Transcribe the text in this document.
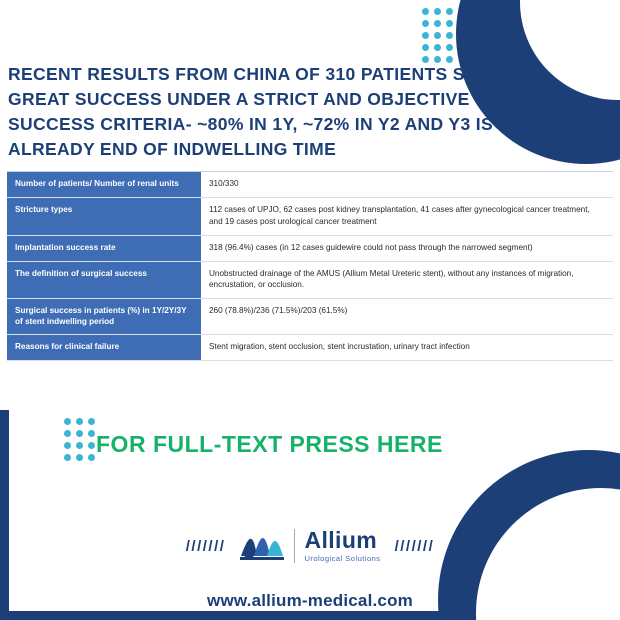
RECENT RESULTS FROM CHINA OF 310 PATIENTS SHOWING GREAT SUCCESS UNDER A STRICT AND OBJECTIVE SUCCESS CRITERIA- ~80% IN 1Y, ~72% IN Y2 AND Y3 IS ALREADY END OF INDWELLING TIME
Number of patients/ Number of renal units	310/330
Stricture types	112 cases of UPJO, 62 cases post kidney transplantation, 41 cases after gynecological cancer treatment, and 19 cases post urological cancer treatment
Implantation success rate	318 (96.4%) cases (in 12 cases guidewire could not pass through the narrowed segment)
The definition of surgical success	Unobstructed drainage of the AMUS (Allium Metal Ureteric stent), without any instances of migration, encrustation, or occlusion.
Surgical success in patients (%) in 1Y/2Y/3Y of stent indwelling period	260 (78.8%)/236 (71.5%)/203 (61.5%)
Reasons for clinical failure	Stent migration, stent occlusion, stent incrustation, urinary tract infection
FOR FULL-TEXT PRESS HERE
///////	Allium
Urological Solutions
///////
www.allium-medical.com
